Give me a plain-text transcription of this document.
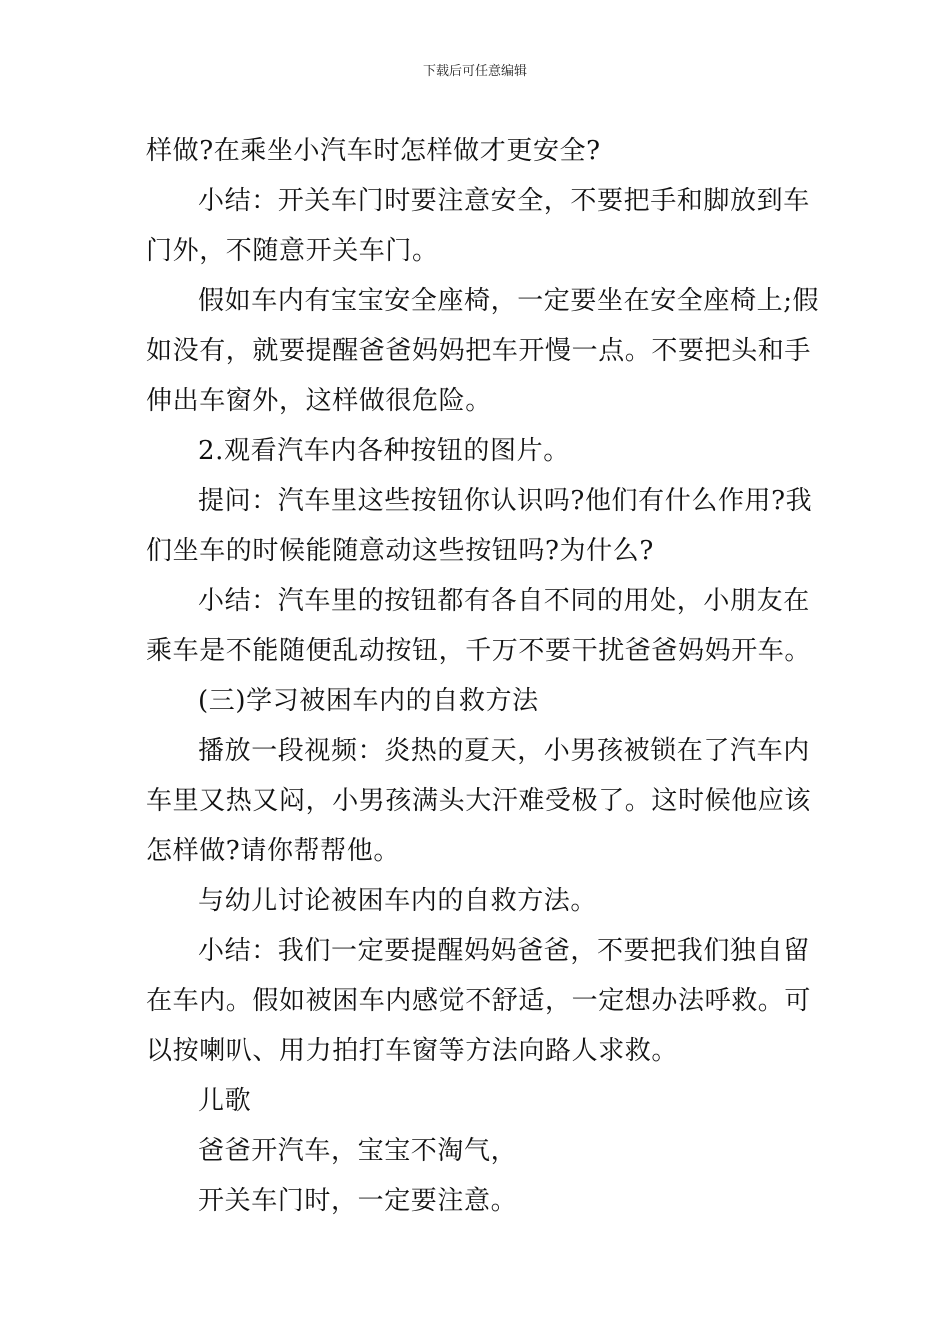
下载后可任意编辑
样做?在乘坐小汽车时怎样做才更安全?
小结：开关车门时要注意安全，不要把手和脚放到车
门外，不随意开关车门。
假如车内有宝宝安全座椅，一定要坐在安全座椅上;假
如没有，就要提醒爸爸妈妈把车开慢一点。不要把头和手
伸出车窗外，这样做很危险。
2.观看汽车内各种按钮的图片。
提问：汽车里这些按钮你认识吗?他们有什么作用?我
们坐车的时候能随意动这些按钮吗?为什么?
小结：汽车里的按钮都有各自不同的用处，小朋友在
乘车是不能随便乱动按钮，千万不要干扰爸爸妈妈开车。
(三)学习被困车内的自救方法
播放一段视频：炎热的夏天，小男孩被锁在了汽车内
车里又热又闷，小男孩满头大汗难受极了。这时候他应该
怎样做?请你帮帮他。
与幼儿讨论被困车内的自救方法。
小结：我们一定要提醒妈妈爸爸，不要把我们独自留
在车内。假如被困车内感觉不舒适，一定想办法呼救。可
以按喇叭、用力拍打车窗等方法向路人求救。
儿歌
爸爸开汽车，宝宝不淘气，
开关车门时，一定要注意。
